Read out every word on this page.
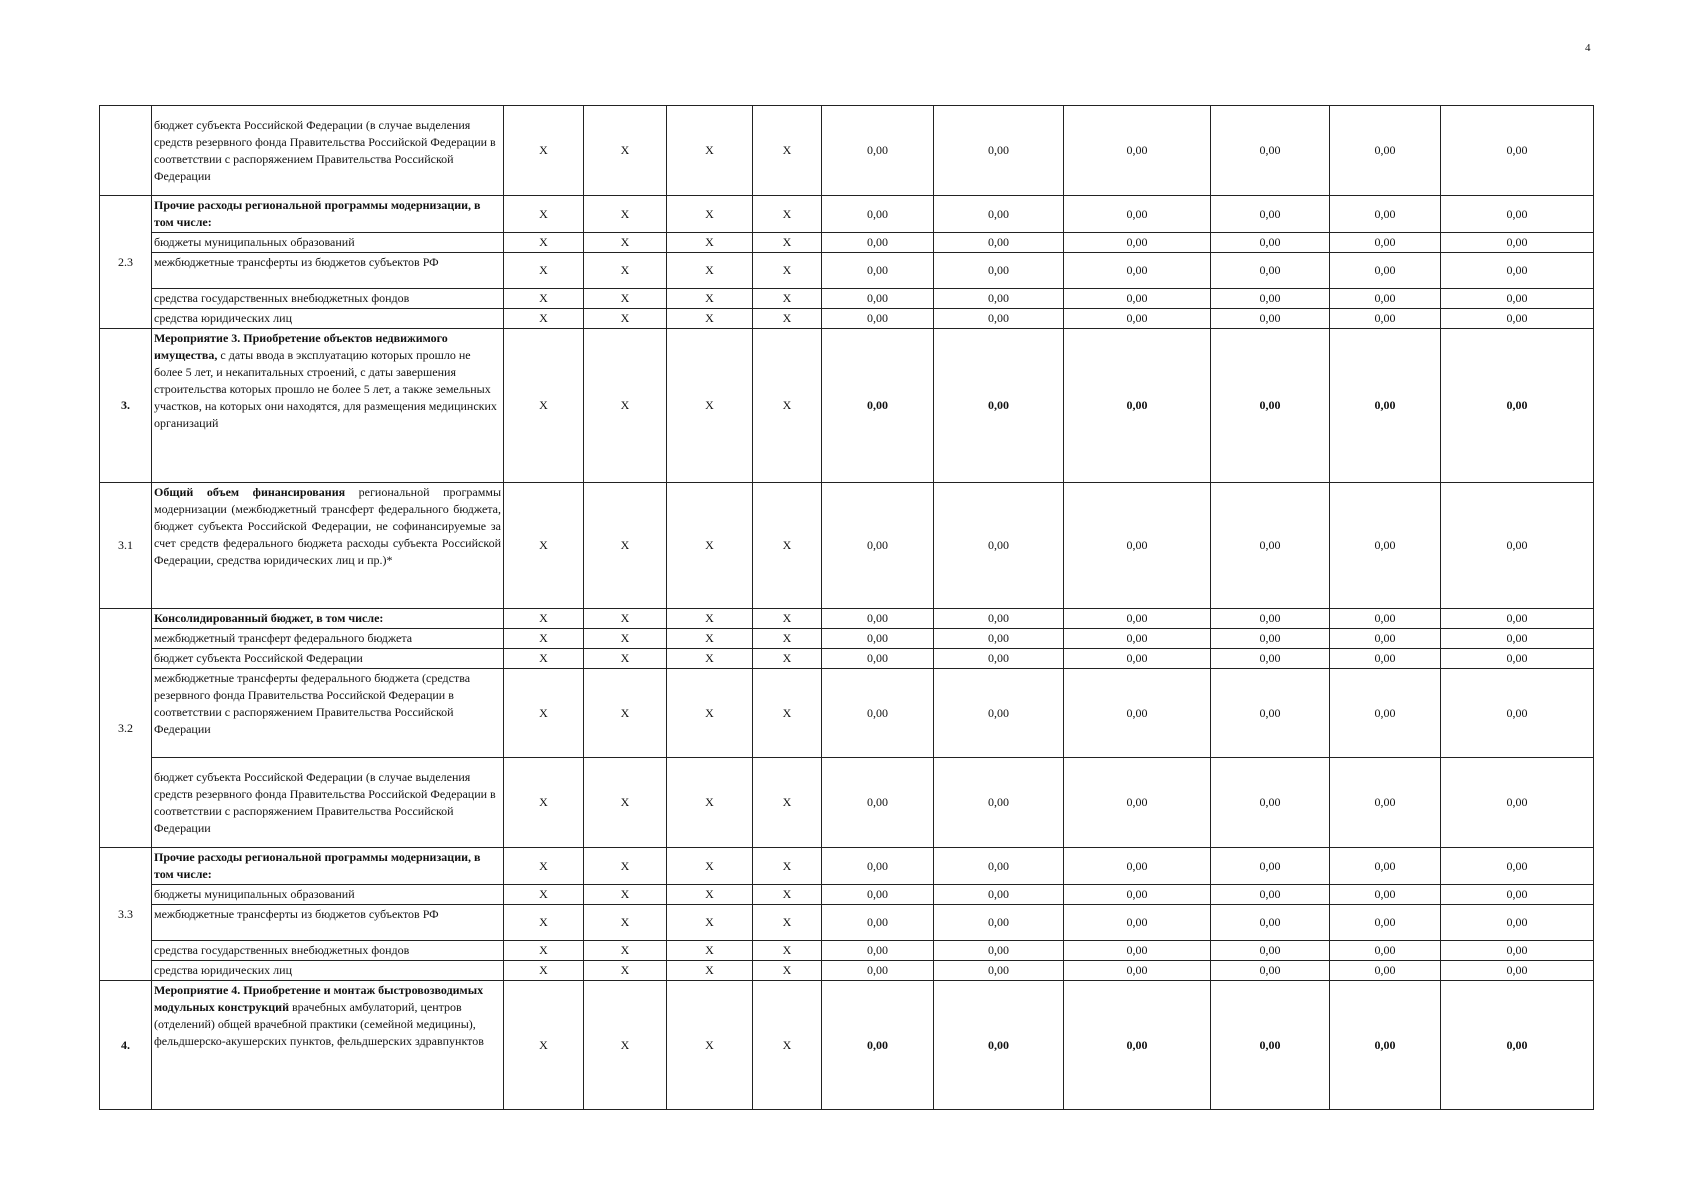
4
	бюджет субъекта Российской Федерации (в случае выделения средств резервного фонда Правительства Российской Федерации в соответствии с распоряжением Правительства Российской Федерации	X	X	X	X	0,00	0,00	0,00	0,00	0,00	0,00
2.3	Прочие расходы региональной программы модернизации, в том числе:	X	X	X	X	0,00	0,00	0,00	0,00	0,00	0,00
	бюджеты муниципальных образований	X	X	X	X	0,00	0,00	0,00	0,00	0,00	0,00
	межбюджетные трансферты из бюджетов субъектов РФ	X	X	X	X	0,00	0,00	0,00	0,00	0,00	0,00
	средства государственных внебюджетных фондов	X	X	X	X	0,00	0,00	0,00	0,00	0,00	0,00
	средства юридических лиц	X	X	X	X	0,00	0,00	0,00	0,00	0,00	0,00
3.	Мероприятие 3. Приобретение объектов недвижимого имущества, с даты ввода в эксплуатацию которых прошло не более 5 лет, и некапитальных строений, с даты завершения строительства которых прошло не более 5 лет, а также земельных участков, на которых они находятся, для размещения медицинских организаций	X	X	X	X	0,00	0,00	0,00	0,00	0,00	0,00
3.1	Общий объем финансирования региональной программы модернизации (межбюджетный трансферт федерального бюджета, бюджет субъекта Российской Федерации, не софинансируемые за счет средств федерального бюджета расходы субъекта Российской Федерации, средства юридических лиц и пр.)*	X	X	X	X	0,00	0,00	0,00	0,00	0,00	0,00
3.2	Консолидированный бюджет, в том числе:	X	X	X	X	0,00	0,00	0,00	0,00	0,00	0,00
	межбюджетный трансферт федерального бюджета	X	X	X	X	0,00	0,00	0,00	0,00	0,00	0,00
	бюджет субъекта Российской Федерации	X	X	X	X	0,00	0,00	0,00	0,00	0,00	0,00
	межбюджетные трансферты федерального бюджета (средства резервного фонда Правительства Российской Федерации в соответствии с распоряжением Правительства Российской Федерации	X	X	X	X	0,00	0,00	0,00	0,00	0,00	0,00
	бюджет субъекта Российской Федерации (в случае выделения средств резервного фонда Правительства Российской Федерации в соответствии с распоряжением Правительства Российской Федерации	X	X	X	X	0,00	0,00	0,00	0,00	0,00	0,00
3.3	Прочие расходы региональной программы модернизации, в том числе:	X	X	X	X	0,00	0,00	0,00	0,00	0,00	0,00
	бюджеты муниципальных образований	X	X	X	X	0,00	0,00	0,00	0,00	0,00	0,00
	межбюджетные трансферты из бюджетов субъектов РФ	X	X	X	X	0,00	0,00	0,00	0,00	0,00	0,00
	средства государственных внебюджетных фондов	X	X	X	X	0,00	0,00	0,00	0,00	0,00	0,00
	средства юридических лиц	X	X	X	X	0,00	0,00	0,00	0,00	0,00	0,00
4.	Мероприятие 4. Приобретение и монтаж быстровозводимых модульных конструкций врачебных амбулаторий, центров (отделений) общей врачебной практики (семейной медицины), фельдшерско-акушерских пунктов, фельдшерских здравпунктов	X	X	X	X	0,00	0,00	0,00	0,00	0,00	0,00
